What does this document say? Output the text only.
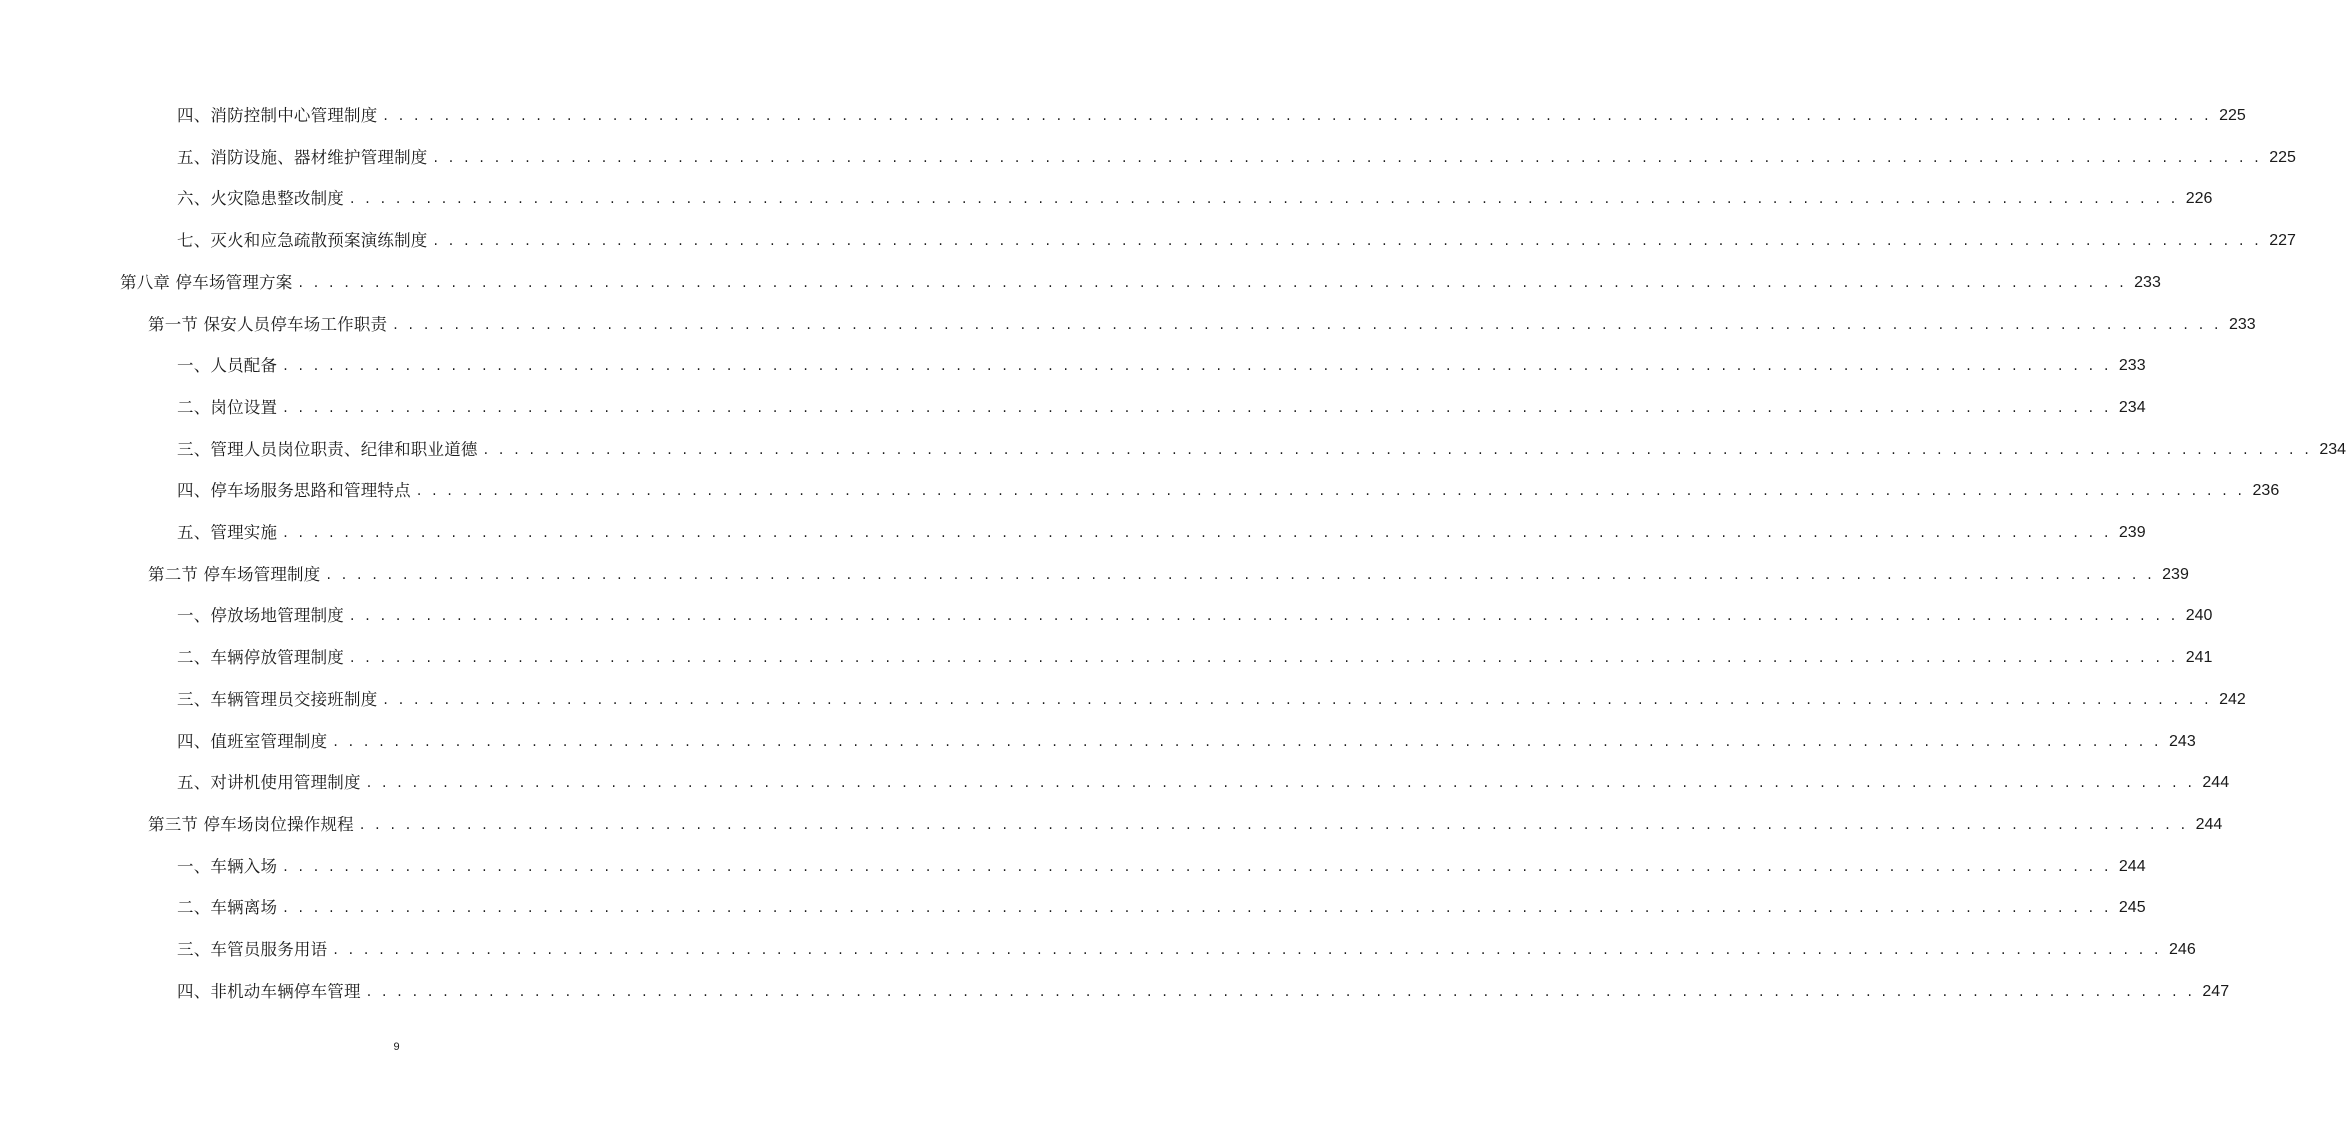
四、消防控制中心管理制度 . . . . . . . . . . . . . . . . . . . . . . . . . . . . . . . . . . . . . . . . . . . . . . . . . . . . . . . . . . . . . . . . . . . . . . . . . . . . . . . . . . . . . . . . . . . . . . . . . . . . . . . . . . . . . . . . . . . . . . . . 225
五、消防设施、器材维护管理制度 . . . . . . . . . . . . . . . . . . . . . . . . . . . . . . . . . . . . . . . . . . . . . . . . . . . . . . . . . . . . . . . . . . . . . . . . . . . . . . . . . . . . . . . . . . . . . . . . . . . . . . . . . . . . . . . . . . . . . . . . 225
六、火灾隐患整改制度 . . . . . . . . . . . . . . . . . . . . . . . . . . . . . . . . . . . . . . . . . . . . . . . . . . . . . . . . . . . . . . . . . . . . . . . . . . . . . . . . . . . . . . . . . . . . . . . . . . . . . . . . . . . . . . . . . . . . . . . . 226
七、灭火和应急疏散预案演练制度 . . . . . . . . . . . . . . . . . . . . . . . . . . . . . . . . . . . . . . . . . . . . . . . . . . . . . . . . . . . . . . . . . . . . . . . . . . . . . . . . . . . . . . . . . . . . . . . . . . . . . . . . . . . . . . . . . . . . . . . . 227
第八章 停车场管理方案 . . . . . . . . . . . . . . . . . . . . . . . . . . . . . . . . . . . . . . . . . . . . . . . . . . . . . . . . . . . . . . . . . . . . . . . . . . . . . . . . . . . . . . . . . . . . . . . . . . . . . . . . . . . . . . . . . . . . . . . . 233
第一节 保安人员停车场工作职责 . . . . . . . . . . . . . . . . . . . . . . . . . . . . . . . . . . . . . . . . . . . . . . . . . . . . . . . . . . . . . . . . . . . . . . . . . . . . . . . . . . . . . . . . . . . . . . . . . . . . . . . . . . . . . . . . . . . . . . . . 233
一、人员配备 . . . . . . . . . . . . . . . . . . . . . . . . . . . . . . . . . . . . . . . . . . . . . . . . . . . . . . . . . . . . . . . . . . . . . . . . . . . . . . . . . . . . . . . . . . . . . . . . . . . . . . . . . . . . . . . . . . . . . . . . 233
二、岗位设置 . . . . . . . . . . . . . . . . . . . . . . . . . . . . . . . . . . . . . . . . . . . . . . . . . . . . . . . . . . . . . . . . . . . . . . . . . . . . . . . . . . . . . . . . . . . . . . . . . . . . . . . . . . . . . . . . . . . . . . . . 234
三、管理人员岗位职责、纪律和职业道德 . . . . . . . . . . . . . . . . . . . . . . . . . . . . . . . . . . . . . . . . . . . . . . . . . . . . . . . . . . . . . . . . . . . . . . . . . . . . . . . . . . . . . . . . . . . . . . . . . . . . . . . . . . . . . . . . . . . . . . . . 234
四、停车场服务思路和管理特点 . . . . . . . . . . . . . . . . . . . . . . . . . . . . . . . . . . . . . . . . . . . . . . . . . . . . . . . . . . . . . . . . . . . . . . . . . . . . . . . . . . . . . . . . . . . . . . . . . . . . . . . . . . . . . . . . . . . . . . . . 236
五、管理实施 . . . . . . . . . . . . . . . . . . . . . . . . . . . . . . . . . . . . . . . . . . . . . . . . . . . . . . . . . . . . . . . . . . . . . . . . . . . . . . . . . . . . . . . . . . . . . . . . . . . . . . . . . . . . . . . . . . . . . . . . 239
第二节 停车场管理制度 . . . . . . . . . . . . . . . . . . . . . . . . . . . . . . . . . . . . . . . . . . . . . . . . . . . . . . . . . . . . . . . . . . . . . . . . . . . . . . . . . . . . . . . . . . . . . . . . . . . . . . . . . . . . . . . . . . . . . . . . 239
一、停放场地管理制度 . . . . . . . . . . . . . . . . . . . . . . . . . . . . . . . . . . . . . . . . . . . . . . . . . . . . . . . . . . . . . . . . . . . . . . . . . . . . . . . . . . . . . . . . . . . . . . . . . . . . . . . . . . . . . . . . . . . . . . . . 240
二、车辆停放管理制度 . . . . . . . . . . . . . . . . . . . . . . . . . . . . . . . . . . . . . . . . . . . . . . . . . . . . . . . . . . . . . . . . . . . . . . . . . . . . . . . . . . . . . . . . . . . . . . . . . . . . . . . . . . . . . . . . . . . . . . . . 241
三、车辆管理员交接班制度 . . . . . . . . . . . . . . . . . . . . . . . . . . . . . . . . . . . . . . . . . . . . . . . . . . . . . . . . . . . . . . . . . . . . . . . . . . . . . . . . . . . . . . . . . . . . . . . . . . . . . . . . . . . . . . . . . . . . . . . . 242
四、值班室管理制度 . . . . . . . . . . . . . . . . . . . . . . . . . . . . . . . . . . . . . . . . . . . . . . . . . . . . . . . . . . . . . . . . . . . . . . . . . . . . . . . . . . . . . . . . . . . . . . . . . . . . . . . . . . . . . . . . . . . . . . . . 243
五、对讲机使用管理制度 . . . . . . . . . . . . . . . . . . . . . . . . . . . . . . . . . . . . . . . . . . . . . . . . . . . . . . . . . . . . . . . . . . . . . . . . . . . . . . . . . . . . . . . . . . . . . . . . . . . . . . . . . . . . . . . . . . . . . . . . 244
第三节 停车场岗位操作规程 . . . . . . . . . . . . . . . . . . . . . . . . . . . . . . . . . . . . . . . . . . . . . . . . . . . . . . . . . . . . . . . . . . . . . . . . . . . . . . . . . . . . . . . . . . . . . . . . . . . . . . . . . . . . . . . . . . . . . . . . 244
一、车辆入场 . . . . . . . . . . . . . . . . . . . . . . . . . . . . . . . . . . . . . . . . . . . . . . . . . . . . . . . . . . . . . . . . . . . . . . . . . . . . . . . . . . . . . . . . . . . . . . . . . . . . . . . . . . . . . . . . . . . . . . . . 244
二、车辆离场 . . . . . . . . . . . . . . . . . . . . . . . . . . . . . . . . . . . . . . . . . . . . . . . . . . . . . . . . . . . . . . . . . . . . . . . . . . . . . . . . . . . . . . . . . . . . . . . . . . . . . . . . . . . . . . . . . . . . . . . . 245
三、车管员服务用语 . . . . . . . . . . . . . . . . . . . . . . . . . . . . . . . . . . . . . . . . . . . . . . . . . . . . . . . . . . . . . . . . . . . . . . . . . . . . . . . . . . . . . . . . . . . . . . . . . . . . . . . . . . . . . . . . . . . . . . . . 246
四、非机动车辆停车管理 . . . . . . . . . . . . . . . . . . . . . . . . . . . . . . . . . . . . . . . . . . . . . . . . . . . . . . . . . . . . . . . . . . . . . . . . . . . . . . . . . . . . . . . . . . . . . . . . . . . . . . . . . . . . . . . . . . . . . . . . 247
9
